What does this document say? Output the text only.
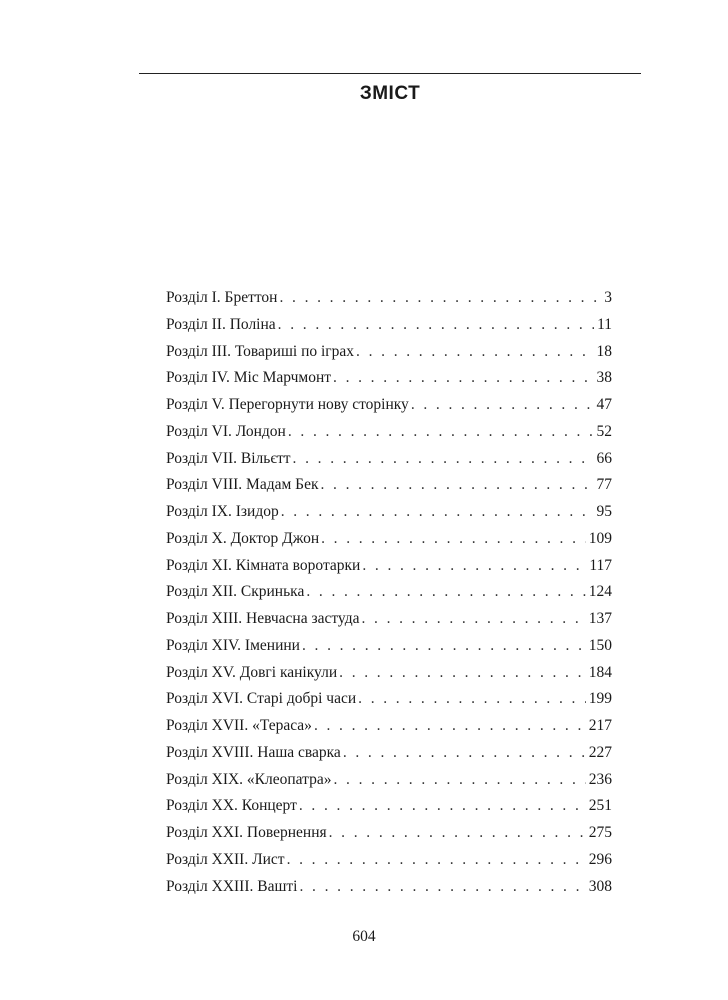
ЗМІСТ
Розділ І. Бреттон . . .	3
Розділ ІІ. Поліна . . .	11
Розділ ІІІ. Товариші по іграх . . .	18
Розділ IV. Міс Марчмонт . . .	38
Розділ V. Перегорнути нову сторінку . . .	47
Розділ VI. Лондон . . .	52
Розділ VII. Вільєтт . . .	66
Розділ VIII. Мадам Бек . . .	77
Розділ IX. Ізидор . . .	95
Розділ X. Доктор Джон . . .	109
Розділ XI. Кімната воротарки . . .	117
Розділ XII. Скринька . . .	124
Розділ XIII. Невчасна застуда . . .	137
Розділ XIV. Іменини . . .	150
Розділ XV. Довгі канікули . . .	184
Розділ XVI. Старі добрі часи . . .	199
Розділ XVII. «Тераса» . . .	217
Розділ XVIII. Наша сварка . . .	227
Розділ XIX. «Клеопатра» . . .	236
Розділ XX. Концерт . . .	251
Розділ XXI. Повернення . . .	275
Розділ XXII. Лист . . .	296
Розділ XXIII. Вашті . . .	308
604
